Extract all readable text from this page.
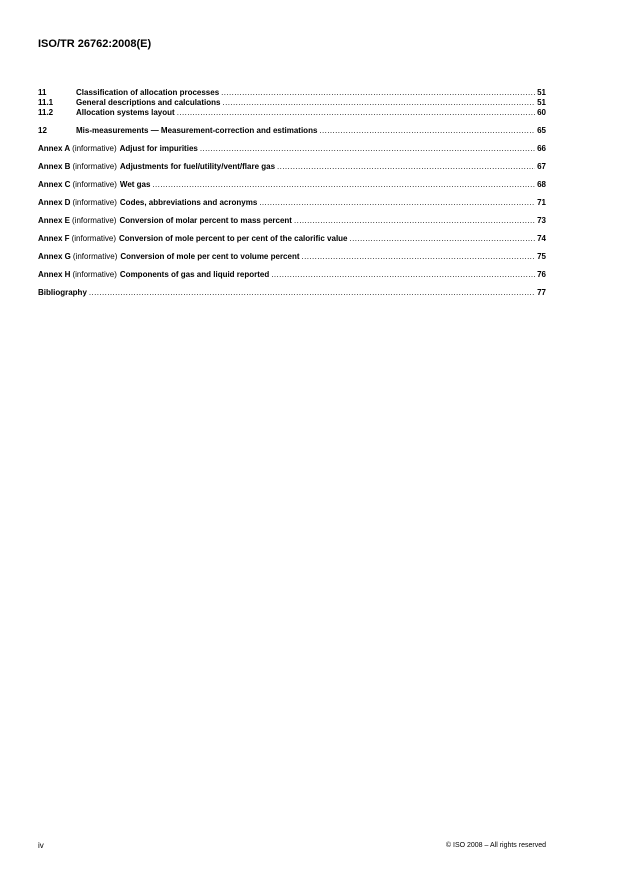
ISO/TR 26762:2008(E)
11	Classification of allocation processes .....	51
11.1	General descriptions and calculations .....	51
11.2	Allocation systems layout .....	60
12	Mis-measurements — Measurement-correction and estimations .....	65
Annex A (informative) Adjust for impurities .....	66
Annex B (informative) Adjustments for fuel/utility/vent/flare gas .....	67
Annex C (informative) Wet gas .....	68
Annex D (informative) Codes, abbreviations and acronyms .....	71
Annex E (informative) Conversion of molar percent to mass percent .....	73
Annex F (informative) Conversion of mole percent to per cent of the calorific value .....	74
Annex G (informative) Conversion of mole per cent to volume percent .....	75
Annex H (informative) Components of gas and liquid reported .....	76
Bibliography .....	77
iv	© ISO 2008 – All rights reserved
